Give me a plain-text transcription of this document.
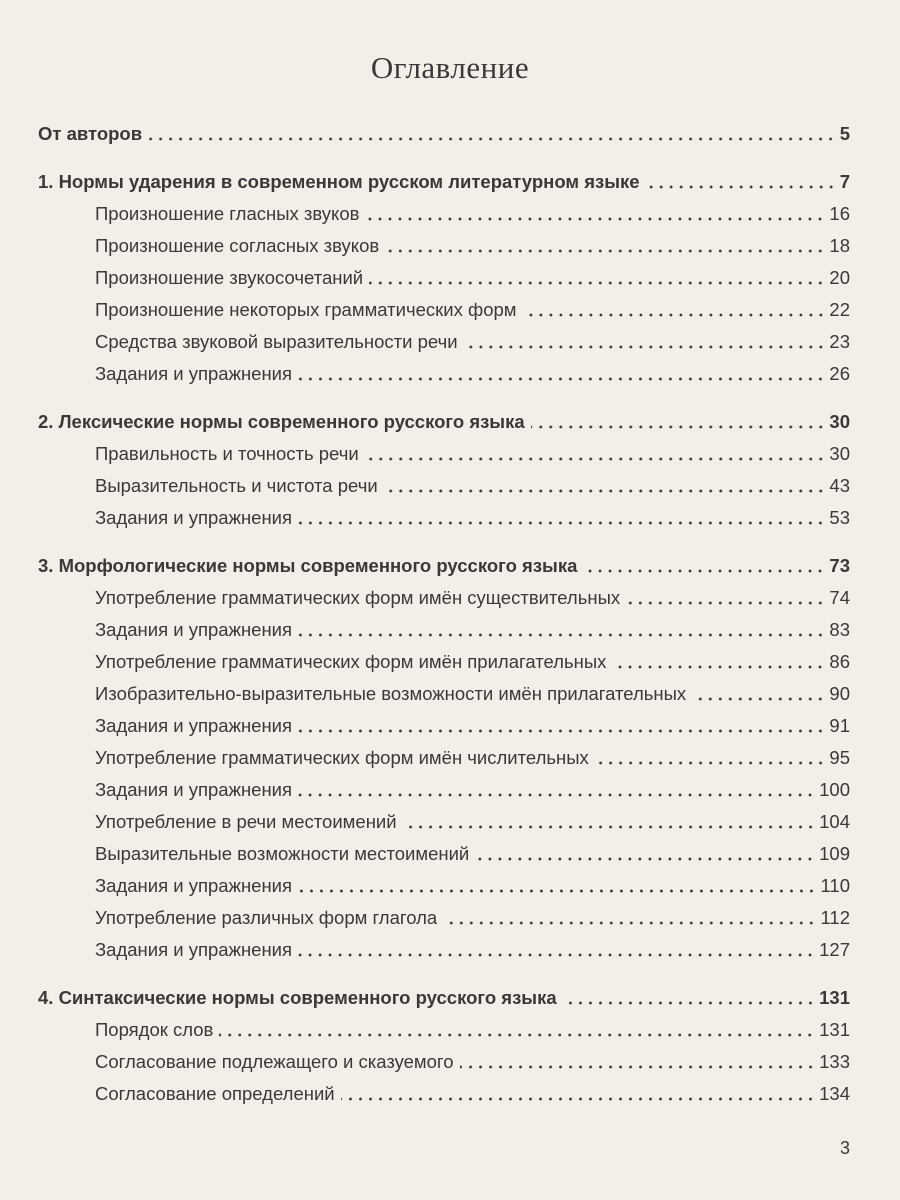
Оглавление
От авторов	5
1. Нормы ударения в современном русском литературном языке	7
Произношение гласных звуков	16
Произношение согласных звуков	18
Произношение звукосочетаний	20
Произношение некоторых грамматических форм	22
Средства звуковой выразительности речи	23
Задания и упражнения	26
2. Лексические нормы современного русского языка	30
Правильность и точность речи	30
Выразительность и чистота речи	43
Задания и упражнения	53
3. Морфологические нормы современного русского языка	73
Употребление грамматических форм имён существительных	74
Задания и упражнения	83
Употребление грамматических форм имён прилагательных	86
Изобразительно-выразительные возможности имён прилагательных	90
Задания и упражнения	91
Употребление грамматических форм имён числительных	95
Задания и упражнения	100
Употребление в речи местоимений	104
Выразительные возможности местоимений	109
Задания и упражнения	110
Употребление различных форм глагола	112
Задания и упражнения	127
4. Синтаксические нормы современного русского языка	131
Порядок слов	131
Согласование подлежащего и сказуемого	133
Согласование определений	134
3
